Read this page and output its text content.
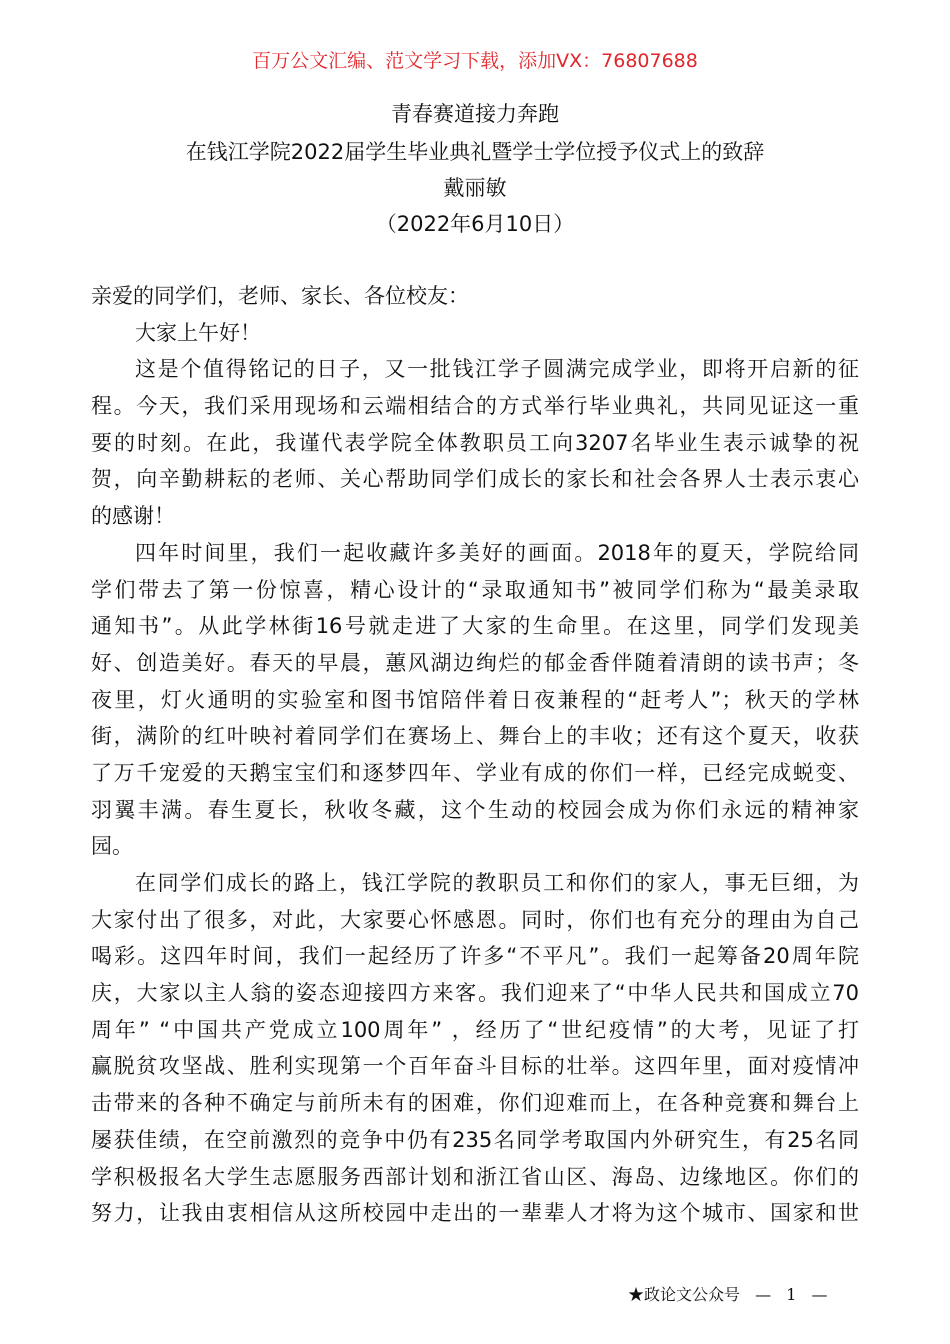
百万公文汇编、范文学习下载，添加VX：76807688
青春赛道接力奔跑
在钱江学院2022届学生毕业典礼暨学士学位授予仪式上的致辞
戴丽敏
（2022年6月10日）
亲爱的同学们，老师、家长、各位校友：
大家上午好！
这是个值得铭记的日子，又一批钱江学子圆满完成学业，即将开启新的征
程。今天，我们采用现场和云端相结合的方式举行毕业典礼，共同见证这一重
要的时刻。在此，我谨代表学院全体教职员工向3207名毕业生表示诚挚的祝
贺，向辛勤耕耘的老师、关心帮助同学们成长的家长和社会各界人士表示衷心
的感谢！
四年时间里，我们一起收藏许多美好的画面。2018年的夏天，学院给同
学们带去了第一份惊喜，精心设计的“录取通知书”被同学们称为“最美录取
通知书”。从此学林街16号就走进了大家的生命里。在这里，同学们发现美
好、创造美好。春天的早晨，蕙风湖边绚烂的郁金香伴随着清朗的读书声；冬
夜里，灯火通明的实验室和图书馆陪伴着日夜兼程的“赶考人”；秋天的学林
街，满阶的红叶映衬着同学们在赛场上、舞台上的丰收；还有这个夏天，收获
了万千宠爱的天鹅宝宝们和逐梦四年、学业有成的你们一样，已经完成蜕变、
羽翼丰满。春生夏长，秋收冬藏，这个生动的校园会成为你们永远的精神家
园。
在同学们成长的路上，钱江学院的教职员工和你们的家人，事无巨细，为
大家付出了很多，对此，大家要心怀感恩。同时，你们也有充分的理由为自己
喝彩。这四年时间，我们一起经历了许多“不平凡”。我们一起筹备20周年院
庆，大家以主人翁的姿态迎接四方来客。我们迎来了“中华人民共和国成立70
周年” “中国共产党成立100周年” ，经历了“世纪疫情”的大考，见证了打
赢脱贫攻坚战、胜利实现第一个百年奋斗目标的壮举。这四年里，面对疫情冲
击带来的各种不确定与前所未有的困难，你们迎难而上，在各种竞赛和舞台上
屡获佳绩，在空前激烈的竞争中仍有235名同学考取国内外研究生，有25名同
学积极报名大学生志愿服务西部计划和浙江省山区、海岛、边缘地区。你们的
努力，让我由衷相信从这所校园中走出的一辈辈人才将为这个城市、国家和世
★政论文公众号 — 1 —
